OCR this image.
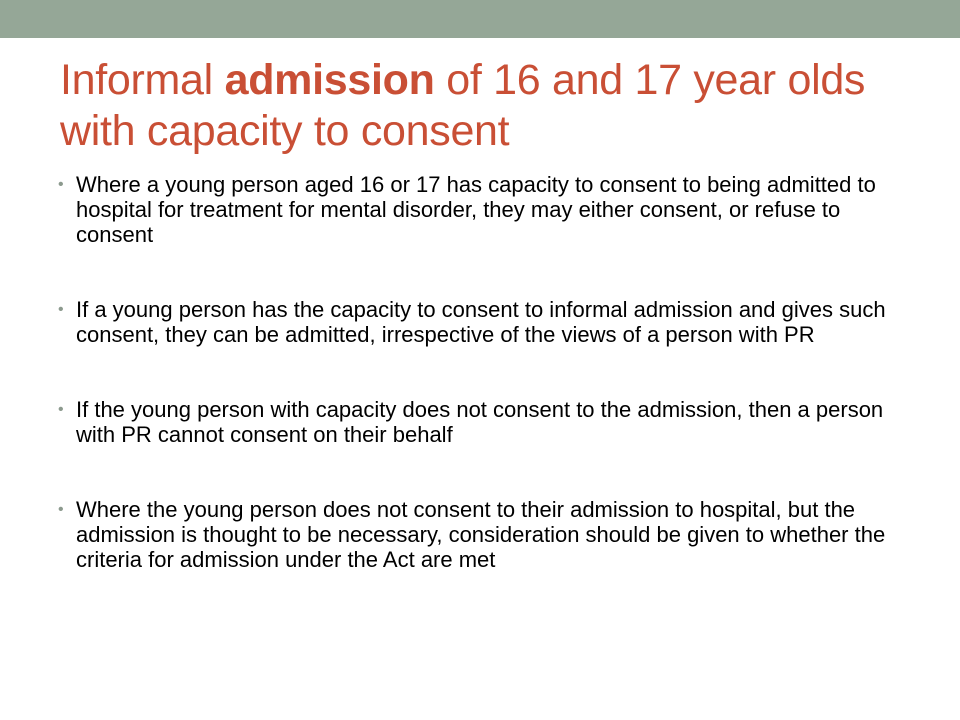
Informal admission of 16 and 17 year olds with capacity to consent
• Where a young person aged 16 or 17 has capacity to consent to being admitted to hospital for treatment for mental disorder, they may either consent, or refuse to consent
• If a young person has the capacity to consent to informal admission and gives such consent, they can be admitted, irrespective of the views of a person with PR
• If the young person with capacity does not consent to the admission, then a person with PR cannot consent on their behalf
• Where the young person does not consent to their admission to hospital, but the admission is thought to be necessary, consideration should be given to whether the criteria for admission under the Act are met
